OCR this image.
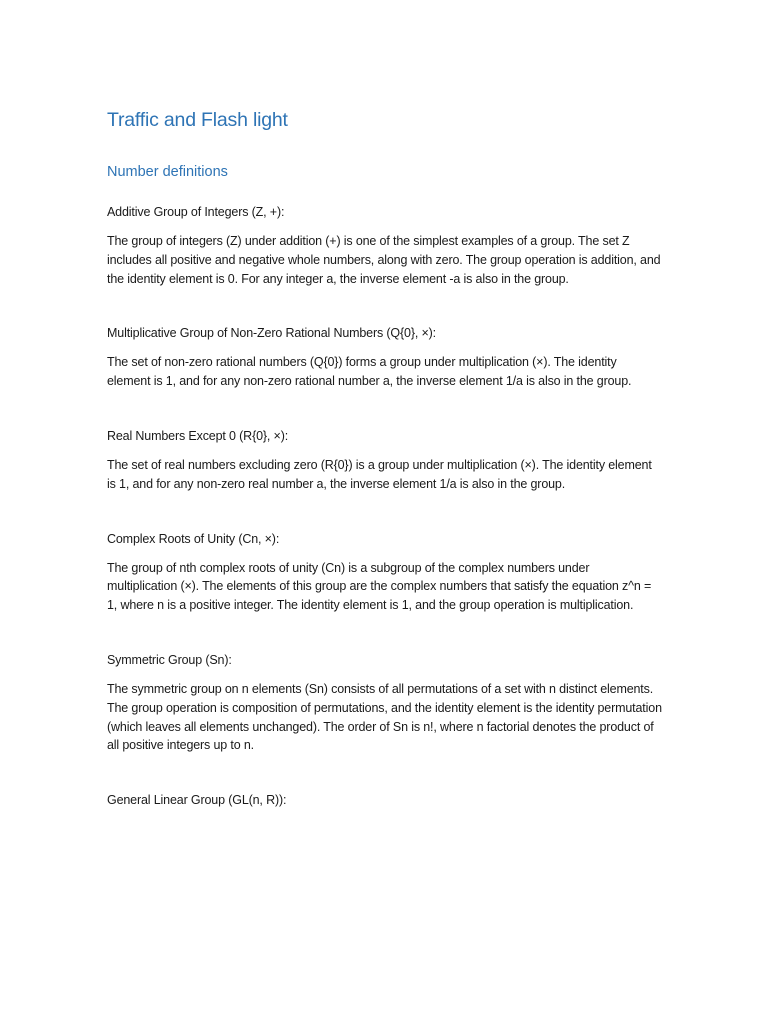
Traffic and Flash light
Number definitions

Additive Group of Integers (Z, +):

The group of integers (Z) under addition (+) is one of the simplest examples of a group. The set Z includes all positive and negative whole numbers, along with zero. The group operation is addition, and the identity element is 0. For any integer a, the inverse element -a is also in the group.

Multiplicative Group of Non-Zero Rational Numbers (Q{0}, ×):

The set of non-zero rational numbers (Q{0}) forms a group under multiplication (×). The identity element is 1, and for any non-zero rational number a, the inverse element 1/a is also in the group.

Real Numbers Except 0 (R{0}, ×):

The set of real numbers excluding zero (R{0}) is a group under multiplication (×). The identity element is 1, and for any non-zero real number a, the inverse element 1/a is also in the group.

Complex Roots of Unity (Cn, ×):

The group of nth complex roots of unity (Cn) is a subgroup of the complex numbers under multiplication (×). The elements of this group are the complex numbers that satisfy the equation z^n = 1, where n is a positive integer. The identity element is 1, and the group operation is multiplication.

Symmetric Group (Sn):

The symmetric group on n elements (Sn) consists of all permutations of a set with n distinct elements. The group operation is composition of permutations, and the identity element is the identity permutation (which leaves all elements unchanged). The order of Sn is n!, where n factorial denotes the product of all positive integers up to n.

General Linear Group (GL(n, R)):
